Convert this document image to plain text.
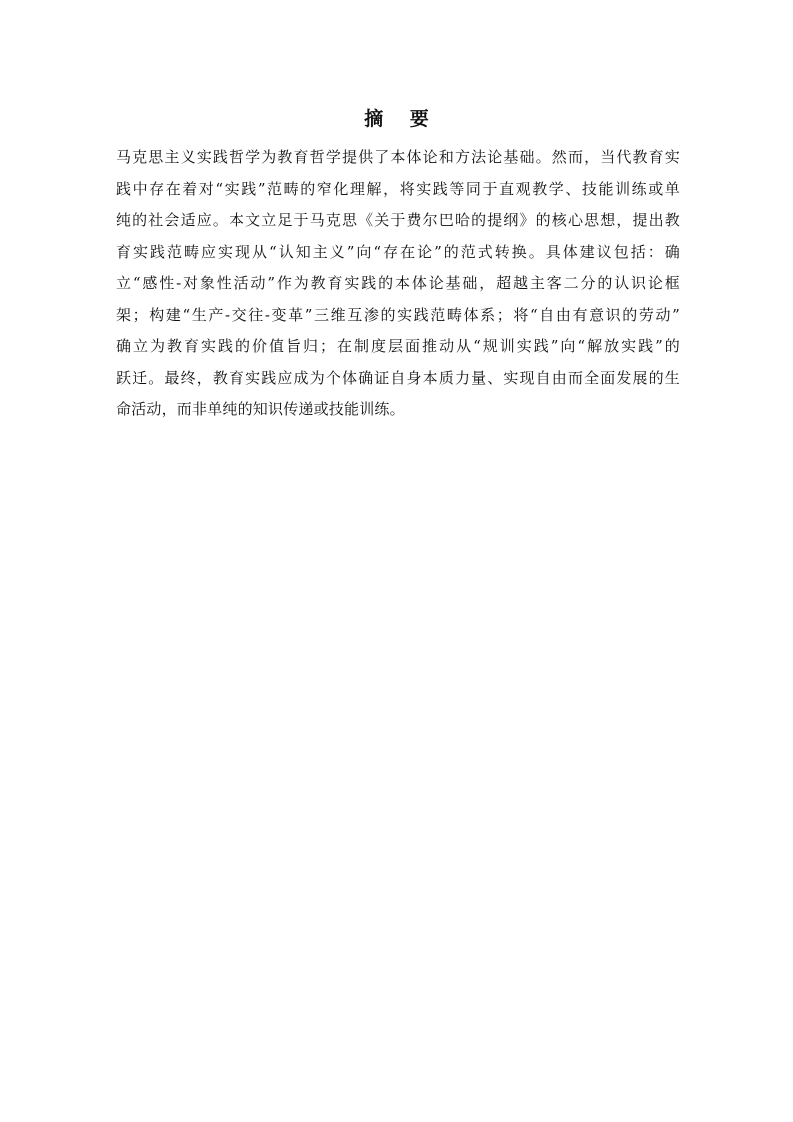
摘 要
马克思主义实践哲学为教育哲学提供了本体论和方法论基础。然而，当代教育实
践中存在着对“实践”范畴的窄化理解，将实践等同于直观教学、技能训练或单
纯的社会适应。本文立足于马克思《关于费尔巴哈的提纲》的核心思想，提出教
育实践范畴应实现从“认知主义”向“存在论”的范式转换。具体建议包括：确
立“感性-对象性活动”作为教育实践的本体论基础，超越主客二分的认识论框
架；构建“生产-交往-变革”三维互渗的实践范畴体系；将“自由有意识的劳动”
确立为教育实践的价值旨归；在制度层面推动从“规训实践”向“解放实践”的
跃迁。最终，教育实践应成为个体确证自身本质力量、实现自由而全面发展的生
命活动，而非单纯的知识传递或技能训练。
